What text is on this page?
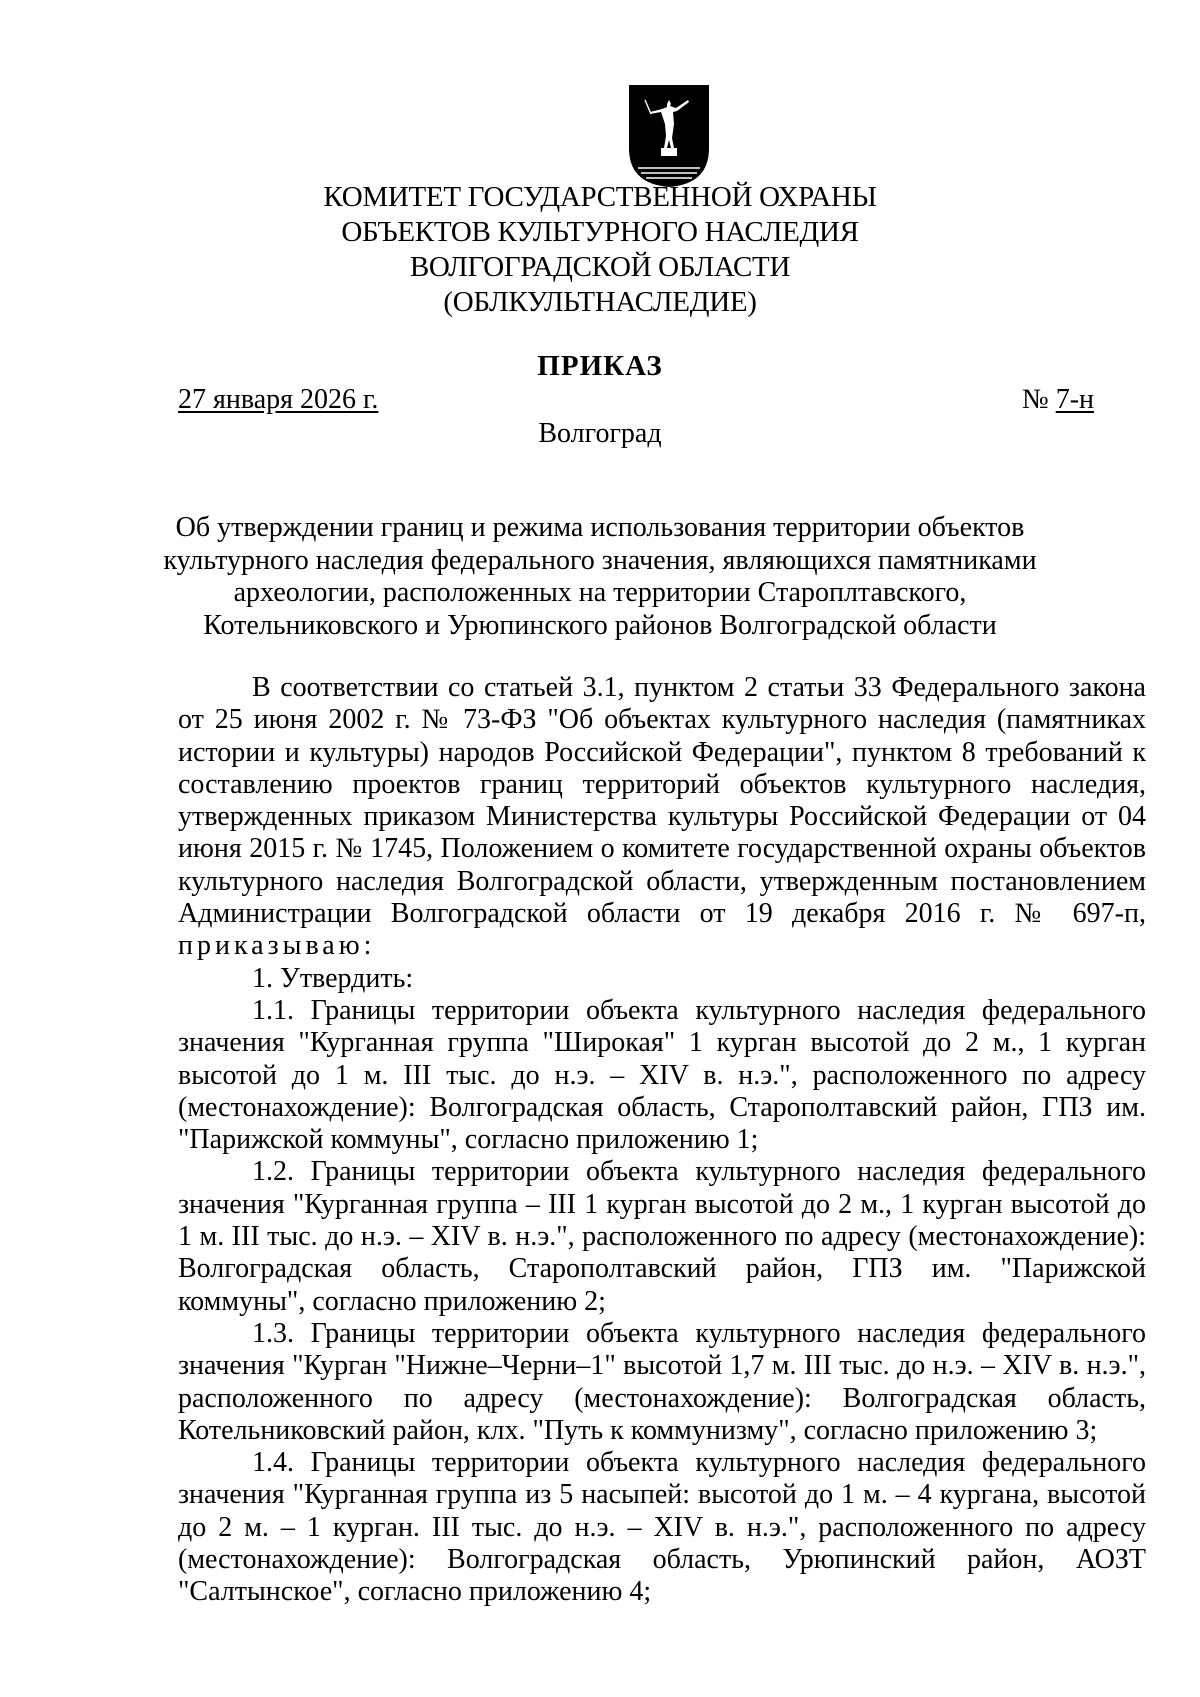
КОМИТЕТ ГОСУДАРСТВЕННОЙ ОХРАНЫ
ОБЪЕКТОВ КУЛЬТУРНОГО НАСЛЕДИЯ
ВОЛГОГРАДСКОЙ ОБЛАСТИ
(ОБЛКУЛЬТНАСЛЕДИЕ)
ПРИКАЗ
27 января 2026 г.	№ 7-н
Волгоград
Об утверждении границ и режима использования территории объектов
культурного наследия федерального значения, являющихся памятниками
археологии, расположенных на территории Староплтавского,
Котельниковского и Урюпинского районов Волгоградской области

В соответствии со статьей 3.1, пунктом 2 статьи 33 Федерального закона от 25 июня 2002 г. № 73-ФЗ "Об объектах культурного наследия (памятниках истории и культуры) народов Российской Федерации", пунктом 8 требований к составлению проектов границ территорий объектов культурного наследия, утвержденных приказом Министерства культуры Российской Федерации от 04 июня 2015 г. № 1745, Положением о комитете государственной охраны объектов культурного наследия Волгоградской области, утвержденным постановлением Администрации Волгоградской области от 19 декабря 2016 г. № 697-п, приказываю:

1. Утвердить:

1.1. Границы территории объекта культурного наследия федерального значения "Курганная группа "Широкая" 1 курган высотой до 2 м., 1 курган высотой до 1 м. III тыс. до н.э. – XIV в. н.э.", расположенного по адресу (местонахождение): Волгоградская область, Старополтавский район, ГПЗ им. "Парижской коммуны", согласно приложению 1;

1.2. Границы территории объекта культурного наследия федерального значения "Курганная группа – III 1 курган высотой до 2 м., 1 курган высотой до 1 м. III тыс. до н.э. – XIV в. н.э.", расположенного по адресу (местонахождение): Волгоградская область, Старополтавский район, ГПЗ им. "Парижской коммуны", согласно приложению 2;

1.3. Границы территории объекта культурного наследия федерального значения "Курган "Нижне–Черни–1" высотой 1,7 м. III тыс. до н.э. – XIV в. н.э.", расположенного по адресу (местонахождение): Волгоградская область, Котельниковский район, клх. "Путь к коммунизму", согласно приложению 3;

1.4. Границы территории объекта культурного наследия федерального значения "Курганная группа из 5 насыпей: высотой до 1 м. – 4 кургана, высотой до 2 м. – 1 курган. III тыс. до н.э. – XIV в. н.э.", расположенного по адресу (местонахождение): Волгоградская область, Урюпинский район, АОЗТ "Салтынское", согласно приложению 4;
